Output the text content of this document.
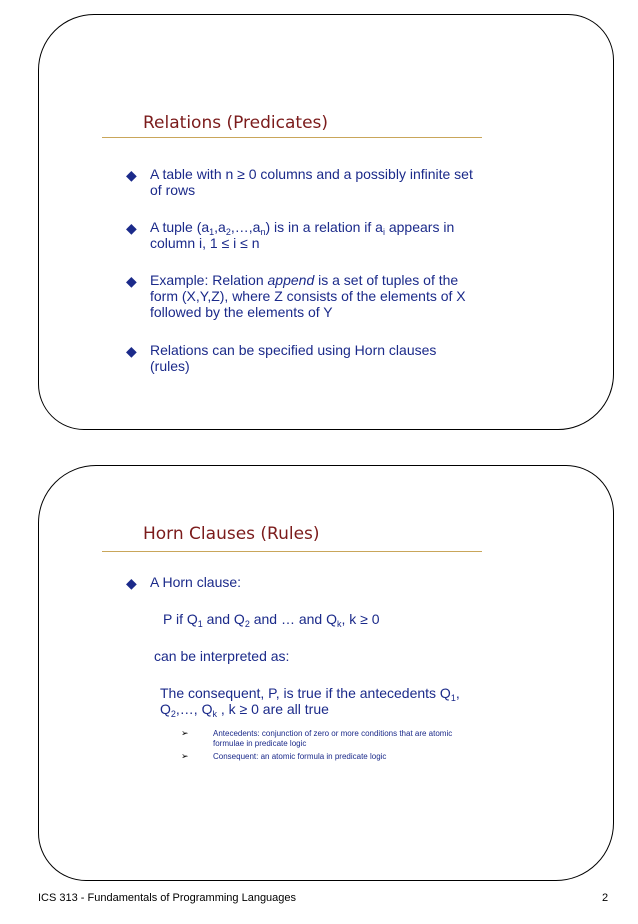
Relations (Predicates)
◆ A table with n ≥ 0 columns and a possibly infinite set
of rows
◆ A tuple $(a_1,a_2,\dots,a_n)$ is in a relation if $a_i$ appears in
column i, 1 ≤ i ≤ n
◆ Example: Relation append is a set of tuples of the
form (X,Y,Z), where Z consists of the elements of X
followed by the elements of Y
◆ Relations can be specified using Horn clauses
(rules)
Horn Clauses (Rules)
◆ A Horn clause:
P if $Q_1$ and $Q_2$ and … and $Q_k$, k ≥ 0
can be interpreted as:
The consequent, P, is true if the antecedents $Q_1$,
$Q_2,\dots$, $Q_k$ , k ≥ 0 are all true
➢	Antecedents: conjunction of zero or more conditions that are atomic
formulae in predicate logic
➢	Consequent: an atomic formula in predicate logic
ICS 313 - Fundamentals of Programming Languages	2
